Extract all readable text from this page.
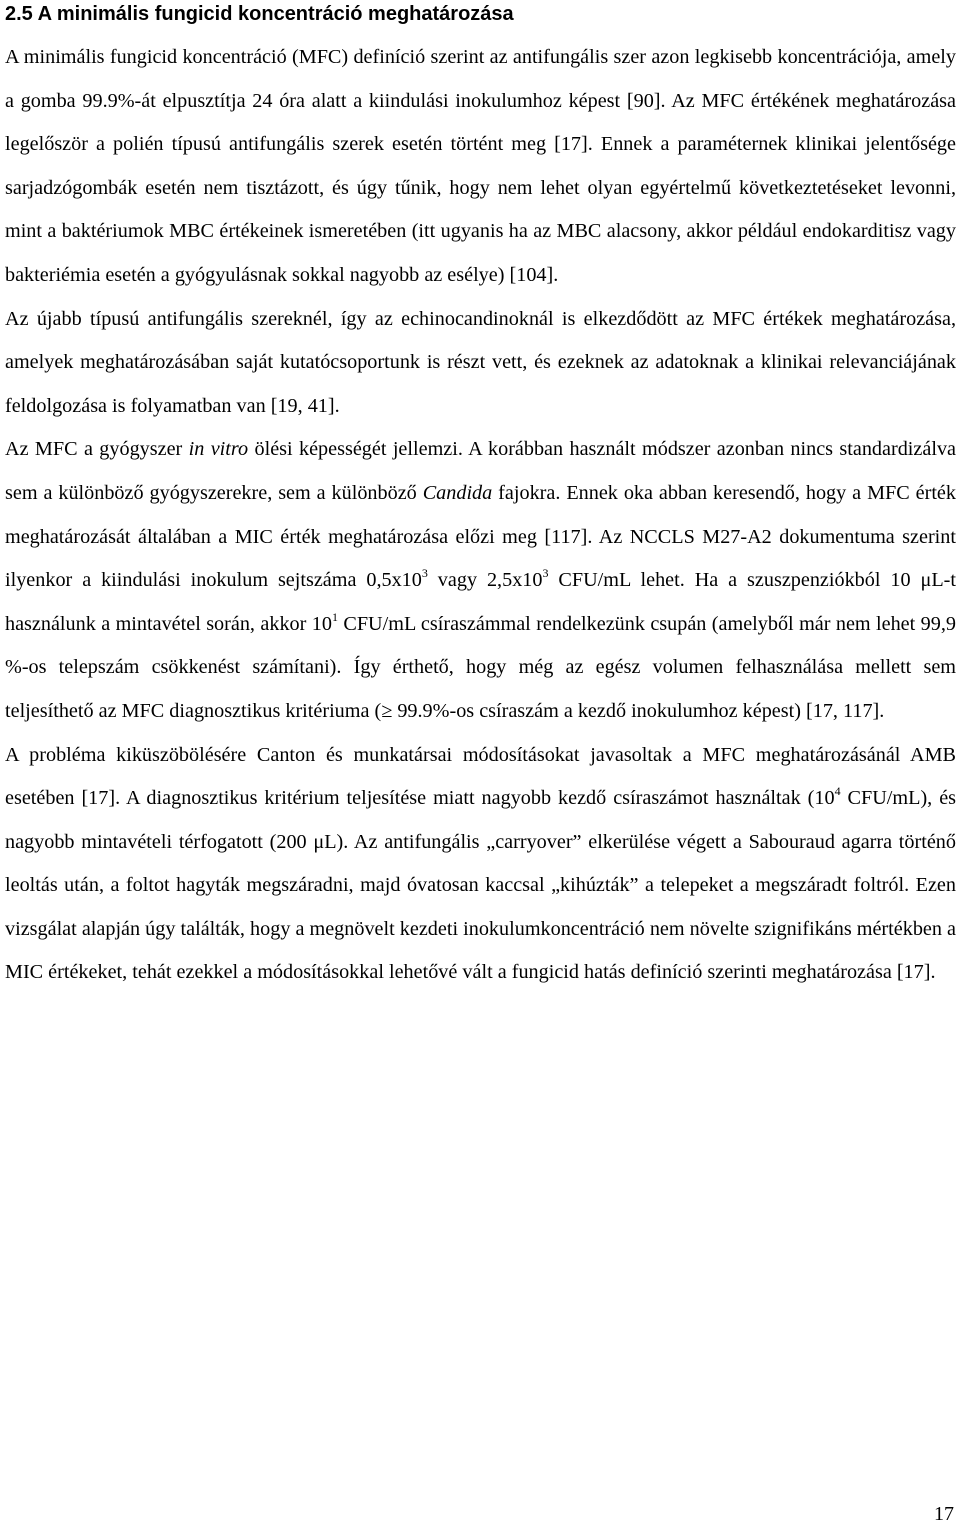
2.5 A minimális fungicid koncentráció meghatározása

A minimális fungicid koncentráció (MFC) definíció szerint az antifungális szer azon legkisebb koncentrációja, amely a gomba 99.9%-át elpusztítja 24 óra alatt a kiindulási inokulumhoz képest [90]. Az MFC értékének meghatározása legelőször a polién típusú antifungális szerek esetén történt meg [17]. Ennek a paraméternek klinikai jelentősége sarjadzógombák esetén nem tisztázott, és úgy tűnik, hogy nem lehet olyan egyértelmű következtetéseket levonni, mint a baktériumok MBC értékeinek ismeretében (itt ugyanis ha az MBC alacsony, akkor például endokarditisz vagy bakteriémia esetén a gyógyulásnak sokkal nagyobb az esélye) [104].

Az újabb típusú antifungális szereknél, így az echinocandinoknál is elkezdődött az MFC értékek meghatározása, amelyek meghatározásában saját kutatócsoportunk is részt vett, és ezeknek az adatoknak a klinikai relevanciájának feldolgozása is folyamatban van [19, 41].

Az MFC a gyógyszer in vitro ölési képességét jellemzi. A korábban használt módszer azonban nincs standardizálva sem a különböző gyógyszerekre, sem a különböző Candida fajokra. Ennek oka abban keresendő, hogy a MFC érték meghatározását általában a MIC érték meghatározása előzi meg [117]. Az NCCLS M27-A2 dokumentuma szerint ilyenkor a kiindulási inokulum sejtszáma $0,5x10^3$ vagy $2,5x10^3$ CFU/mL lehet. Ha a szuszpenziókból 10 μL-t használunk a mintavétel során, akkor $10^1$ CFU/mL csíraszámmal rendelkezünk csupán (amelyből már nem lehet 99,9 %-os telepszám csökkenést számítani). Így érthető, hogy még az egész volumen felhasználása mellett sem teljesíthető az MFC diagnosztikus kritériuma (≥ 99.9%-os csíraszám a kezdő inokulumhoz képest) [17, 117].

A probléma kiküszöbölésére Canton és munkatársai módosításokat javasoltak a MFC meghatározásánál AMB esetében [17]. A diagnosztikus kritérium teljesítése miatt nagyobb kezdő csíraszámot használtak ($10^4$ CFU/mL), és nagyobb mintavételi térfogatott (200 μL). Az antifungális „carryover” elkerülése végett a Sabouraud agarra történő leoltás után, a foltot hagyták megszáradni, majd óvatosan kaccsal „kihúzták” a telepeket a megszáradt foltról. Ezen vizsgálat alapján úgy találták, hogy a megnövelt kezdeti inokulumkoncentráció nem növelte szignifikáns mértékben a MIC értékeket, tehát ezekkel a módosításokkal lehetővé vált a fungicid hatás definíció szerinti meghatározása [17].

17
